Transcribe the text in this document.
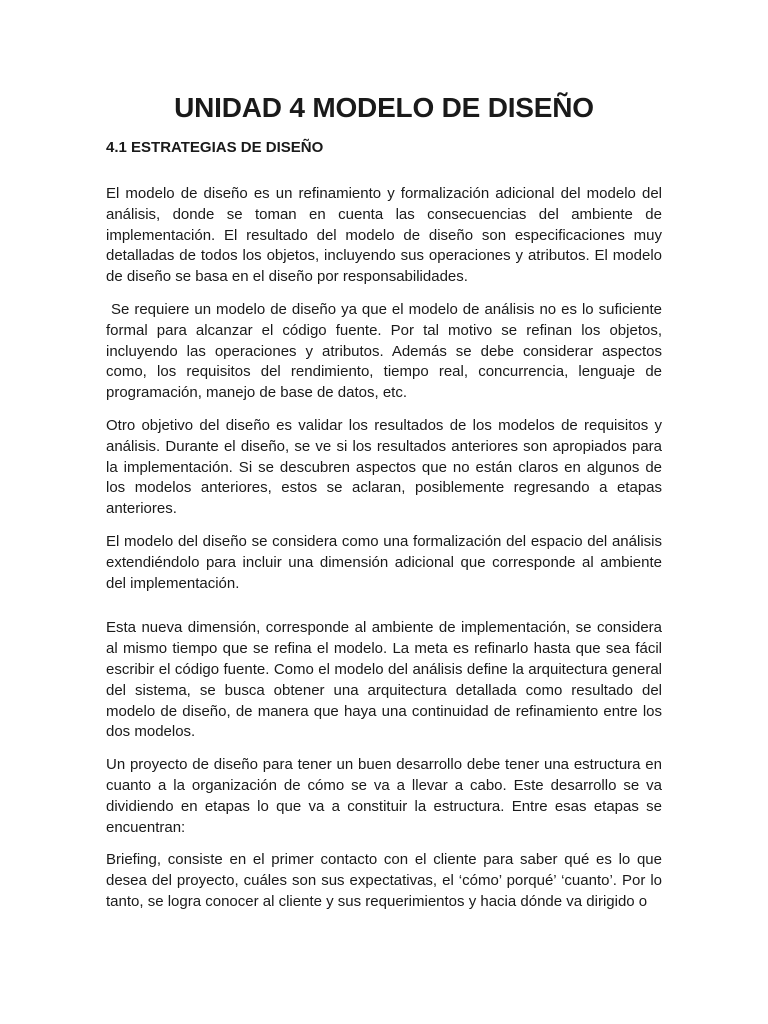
UNIDAD 4 MODELO DE DISEÑO
4.1 ESTRATEGIAS DE DISEÑO

El modelo de diseño es un refinamiento y formalización adicional del modelo del análisis, donde se toman en cuenta las consecuencias del ambiente de implementación. El resultado del modelo de diseño son especificaciones muy detalladas de todos los objetos, incluyendo sus operaciones y atributos. El modelo de diseño se basa en el diseño por responsabilidades.

Se requiere un modelo de diseño ya que el modelo de análisis no es lo suficiente formal para alcanzar el código fuente. Por tal motivo se refinan los objetos, incluyendo las operaciones y atributos. Además se debe considerar aspectos como, los requisitos del rendimiento, tiempo real, concurrencia, lenguaje de programación, manejo de base de datos, etc.

Otro objetivo del diseño es validar los resultados de los modelos de requisitos y análisis. Durante el diseño, se ve si los resultados anteriores son apropiados para la implementación. Si se descubren aspectos que no están claros en algunos de los modelos anteriores, estos se aclaran, posiblemente regresando a etapas anteriores.

El modelo del diseño se considera como una formalización del espacio del análisis extendiéndolo para incluir una dimensión adicional que corresponde al ambiente del implementación.

Esta nueva dimensión, corresponde al ambiente de implementación, se considera al mismo tiempo que se refina el modelo. La meta es refinarlo hasta que sea fácil escribir el código fuente. Como el modelo del análisis define la arquitectura general del sistema, se busca obtener una arquitectura detallada como resultado del modelo de diseño, de manera que haya una continuidad de refinamiento entre los dos modelos.

Un proyecto de diseño para tener un buen desarrollo debe tener una estructura en cuanto a la organización de cómo se va a llevar a cabo. Este desarrollo se va dividiendo en etapas lo que va a constituir la estructura. Entre esas etapas se encuentran:

Briefing, consiste en el primer contacto con el cliente para saber qué es lo que desea del proyecto, cuáles son sus expectativas, el ‘cómo’ porqué’ ‘cuanto’. Por lo tanto, se logra conocer al cliente y sus requerimientos y hacia dónde va dirigido o
